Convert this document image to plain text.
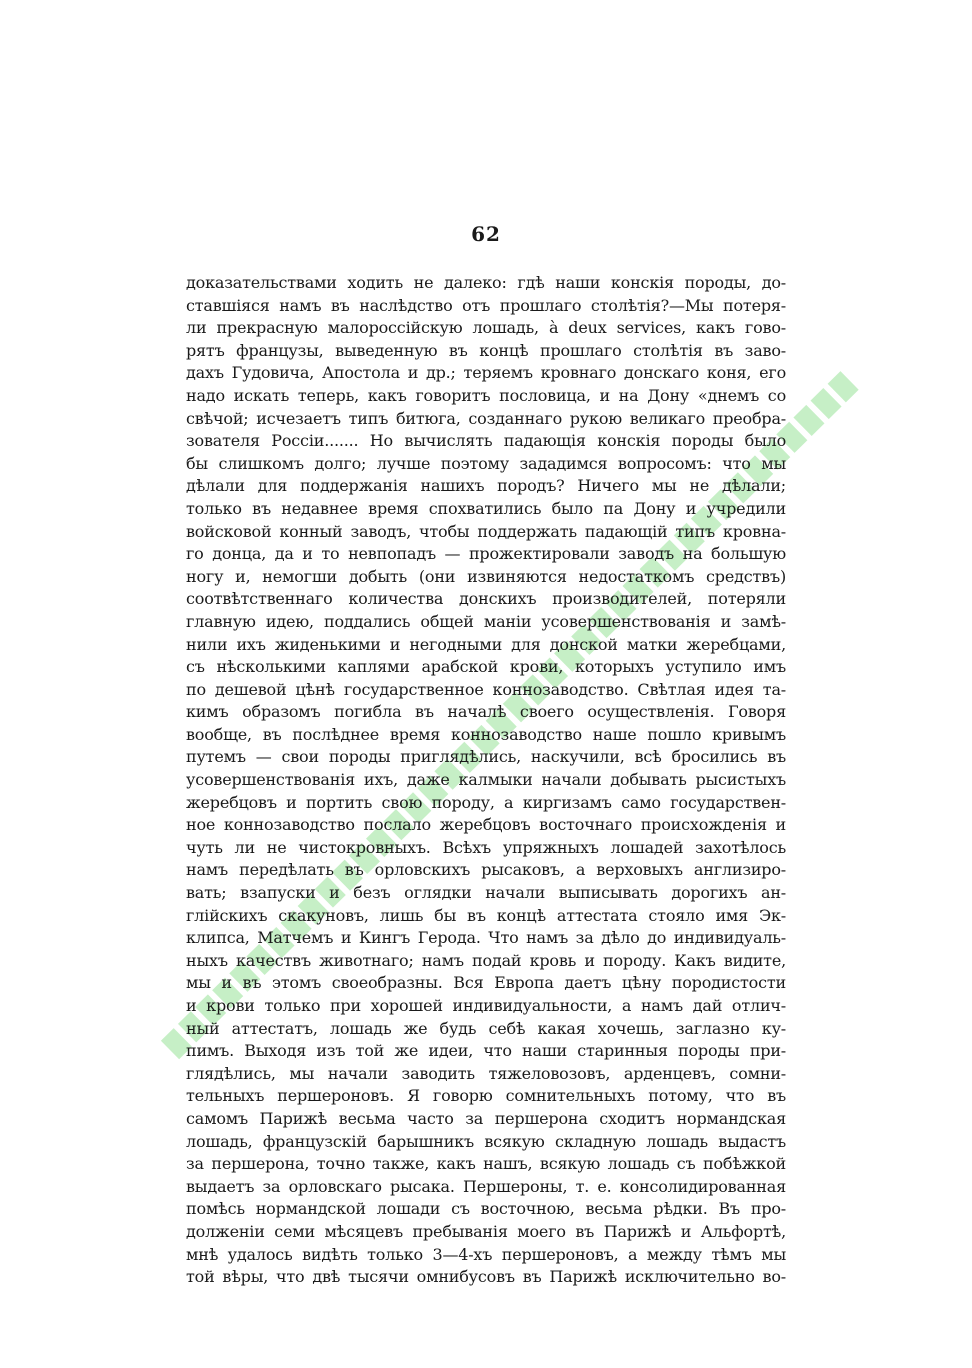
62
доказательствами ходить не далеко: гдѣ наши конскія породы, до-
ставшіяся намъ въ наслѣдство отъ прошлаго столѣтія?—Мы потеря-
ли прекрасную малороссійскую лошадь, à deux services, какъ гово-
рятъ французы, выведенную въ концѣ прошлаго столѣтія въ заво-
дахъ Гудовича, Апостола и др.; теряемъ кровнаго донскаго коня, его
надо искать теперь, какъ говоритъ пословица, и на Дону «днемъ со
свѣчой; исчезаетъ типъ битюга, созданнаго рукою великаго преобра-
зователя Россіи....... Но вычислять падающія конскія породы было
бы слишкомъ долго; лучше поэтому зададимся вопросомъ: что мы
дѣлали для поддержанія нашихъ породъ? Ничего мы не дѣлали;
только въ недавнее время спохватились было па Дону и учредили
войсковой конный заводъ, чтобы поддержать падающій типъ кровна-
го донца, да и то невпопадъ — прожектировали заводъ на большую
ногу и, немогши добыть (они извиняются недостаткомъ средствъ)
соотвѣтственнаго количества донскихъ производителей, потеряли
главную идею, поддались общей маніи усовершенствованія и замѣ-
нили ихъ жиденькими и негодными для донской матки жеребцами,
съ нѣсколькими каплями арабской крови, которыхъ уступило имъ
по дешевой цѣнѣ государственное коннозаводство. Свѣтлая идея та-
кимъ образомъ погибла въ началѣ своего осуществленія. Говоря
вообще, въ послѣднее время коннозаводство наше пошло кривымъ
путемъ — свои породы приглядѣлись, наскучили, всѣ бросились въ
усовершенствованія ихъ, даже калмыки начали добывать рысистыхъ
жеребцовъ и портить свою породу, а киргизамъ само государствен-
ное коннозаводство послало жеребцовъ восточнаго происхожденія и
чуть ли не чистокровныхъ. Всѣхъ упряжныхъ лошадей захотѣлось
намъ передѣлать въ орловскихъ рысаковъ, а верховыхъ англизиро-
вать; взапуски и безъ оглядки начали выписывать дорогихъ ан-
глійскихъ скакуновъ, лишь бы въ концѣ аттестата стояло имя Эк-
клипса, Матчемъ и Кингъ Герода. Что намъ за дѣло до индивидуаль-
ныхъ качествъ животнаго; намъ подай кровь и породу. Какъ видите,
мы и въ этомъ своеобразны. Вся Европа даетъ цѣну породистости
и крови только при хорошей индивидуальности, а намъ дай отлич-
ный аттестатъ, лошадь же будь себѣ какая хочешь, заглазно ку-
пимъ. Выходя изъ той же идеи, что наши старинныя породы при-
глядѣлись, мы начали заводить тяжеловозовъ, арденцевъ, сомни-
тельныхъ першероновъ. Я говорю сомнительныхъ потому, что въ
самомъ Парижѣ весьма часто за першерона сходитъ нормандская
лошадь, французскій барышникъ всякую складную лошадь выдастъ
за першерона, точно также, какъ нашъ, всякую лошадь съ побѣжкой
выдаетъ за орловскаго рысака. Першероны, т. е. консолидированная
помѣсь нормандской лошади съ восточною, весьма рѣдки. Въ про-
долженіи семи мѣсяцевъ пребыванія моего въ Парижѣ и Альфортѣ,
мнѣ удалось видѣть только 3—4-хъ першероновъ, а между тѣмъ мы
той вѣры, что двѣ тысячи омнибусовъ въ Парижѣ исключительно во-
